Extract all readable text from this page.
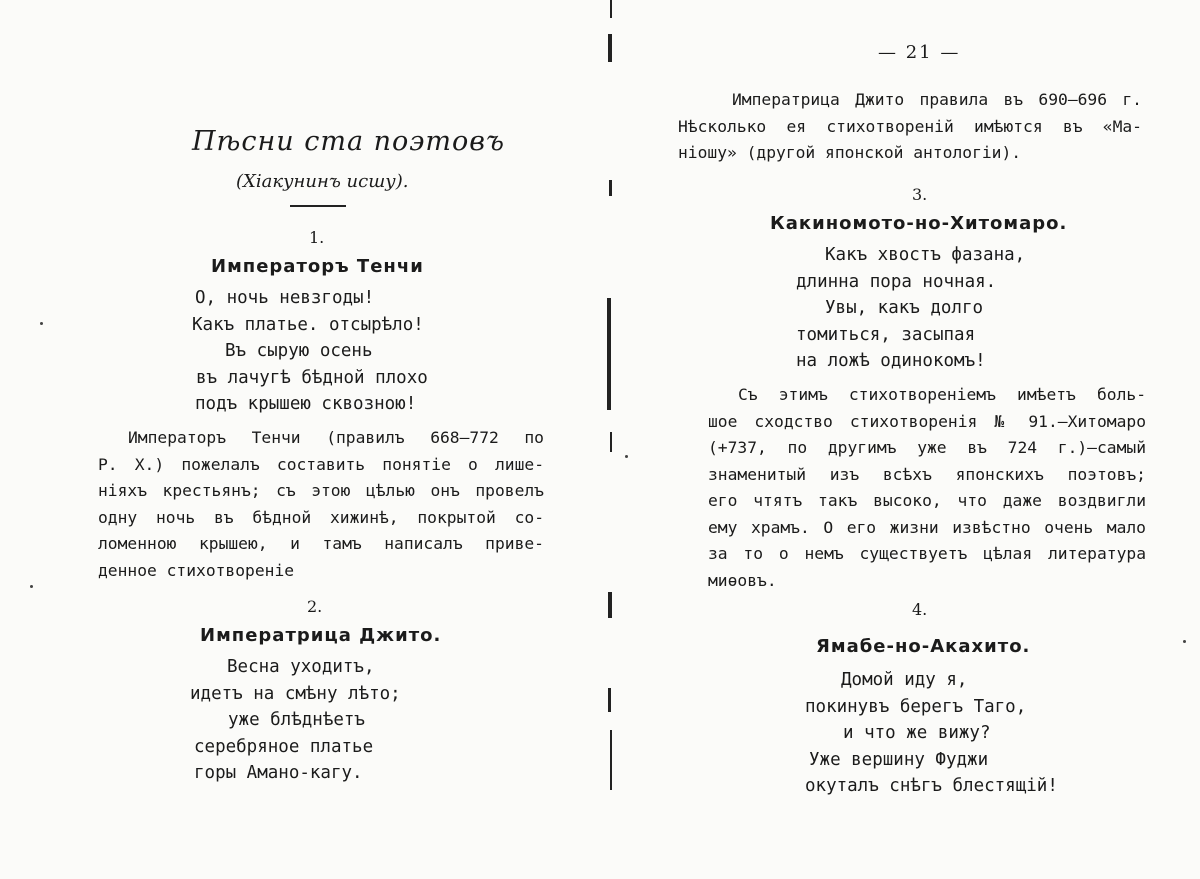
Пѣсни ста поэтовъ
(Хіакунинъ исшу).
1.
Императоръ Тенчи
О, ночь невзгоды!
Какъ платье. отсырѣло!
Въ сырую осень
въ лачугѣ бѣдной плохо
подъ крышею сквозною!
Императоръ Тенчи (правилъ 668—772 по
Р. Х.) пожелалъ составить понятіе о лише-
ніяхъ крестьянъ; съ этою цѣлью онъ провелъ
одну ночь въ бѣдной хижинѣ, покрытой со-
ломенною крышею, и тамъ написалъ приве-
денное стихотвореніе
2.
Императрица Джито.
Весна уходитъ,
идетъ на смѣну лѣто;
уже блѣднѣетъ
серебряное платье
горы Амано-кагу.
— 21 —
Императрица Джито правила въ 690—696 г.
Нѣсколько ея стихотвореній имѣются въ «Ма-
ніошу» (другой японской антологіи).
3.
Какиномото-но-Хитомаро.
Какъ хвостъ фазана,
длинна пора ночная.
Увы, какъ долго
томиться, засыпая
на ложѣ одинокомъ!
Съ этимъ стихотвореніемъ имѣетъ боль-
шое сходство стихотворенія № 91.—Хитомаро
(+737, по другимъ уже въ 724 г.)—самый
знаменитый изъ всѣхъ японскихъ поэтовъ;
его чтятъ такъ высоко, что даже воздвигли
ему храмъ. О его жизни извѣстно очень мало
за то о немъ существуетъ цѣлая литература
миѳовъ.
4.
Ямабе-но-Акахито.
Домой иду я,
покинувъ берегъ Таго,
и что же вижу?
Уже вершину Фуджи
окуталъ снѣгъ блестящій!
